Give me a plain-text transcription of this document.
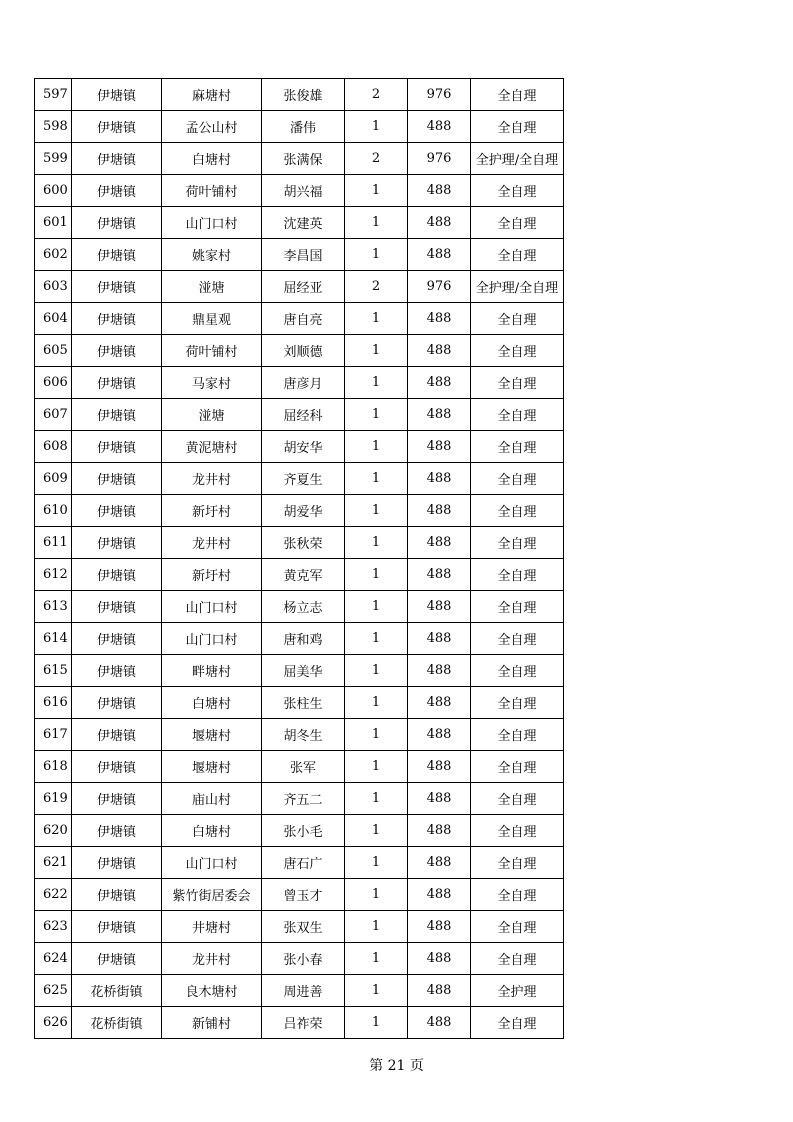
597	伊塘镇	麻塘村	张俊雄	2	976	全自理
598	伊塘镇	孟公山村	潘伟	1	488	全自理
599	伊塘镇	白塘村	张满保	2	976	全护理/全自理
600	伊塘镇	荷叶铺村	胡兴福	1	488	全自理
601	伊塘镇	山门口村	沈建英	1	488	全自理
602	伊塘镇	姚家村	李昌国	1	488	全自理
603	伊塘镇	湴塘	屈经亚	2	976	全护理/全自理
604	伊塘镇	鼎星观	唐自亮	1	488	全自理
605	伊塘镇	荷叶铺村	刘顺德	1	488	全自理
606	伊塘镇	马家村	唐彦月	1	488	全自理
607	伊塘镇	湴塘	屈经科	1	488	全自理
608	伊塘镇	黄泥塘村	胡安华	1	488	全自理
609	伊塘镇	龙井村	齐夏生	1	488	全自理
610	伊塘镇	新圩村	胡爱华	1	488	全自理
611	伊塘镇	龙井村	张秋荣	1	488	全自理
612	伊塘镇	新圩村	黄克军	1	488	全自理
613	伊塘镇	山门口村	杨立志	1	488	全自理
614	伊塘镇	山门口村	唐和鸡	1	488	全自理
615	伊塘镇	畔塘村	屈美华	1	488	全自理
616	伊塘镇	白塘村	张柱生	1	488	全自理
617	伊塘镇	堰塘村	胡冬生	1	488	全自理
618	伊塘镇	堰塘村	张军	1	488	全自理
619	伊塘镇	庙山村	齐五二	1	488	全自理
620	伊塘镇	白塘村	张小毛	1	488	全自理
621	伊塘镇	山门口村	唐石广	1	488	全自理
622	伊塘镇	紫竹街居委会	曾玉才	1	488	全自理
623	伊塘镇	井塘村	张双生	1	488	全自理
624	伊塘镇	龙井村	张小春	1	488	全自理
625	花桥街镇	良木塘村	周进善	1	488	全护理
626	花桥街镇	新铺村	吕祚荣	1	488	全自理
第 21 页
